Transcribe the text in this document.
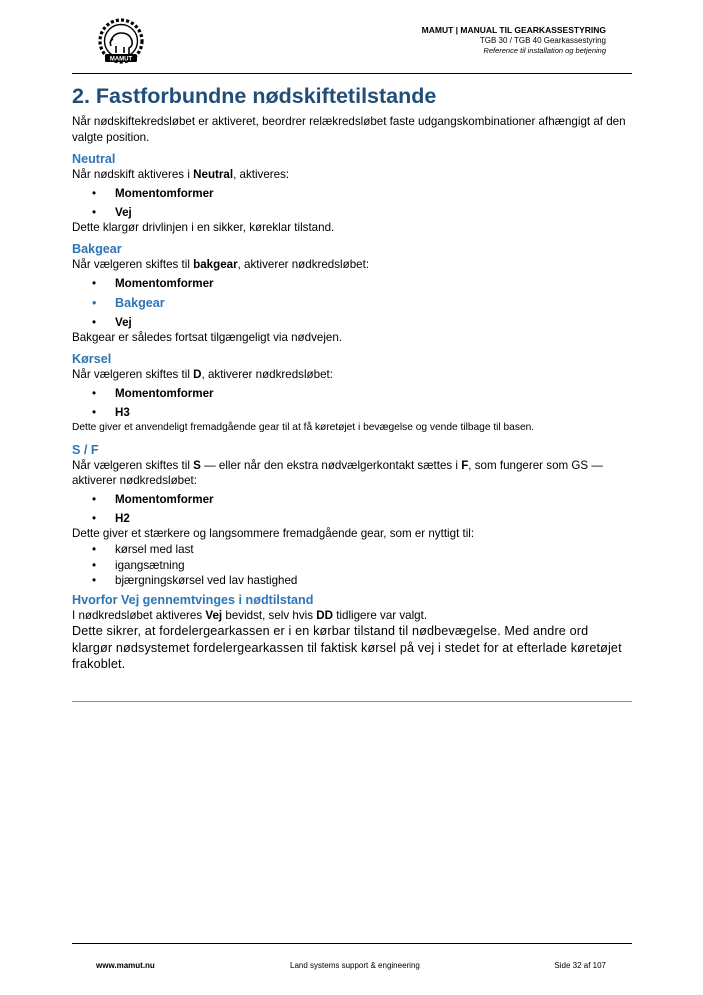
MAMUT
MAMUT | MANUAL TIL GEARKASSESTYRING
TGB 30 / TGB 40 Gearkassestyring
Reference til installation og betjening
2. Fastforbundne nødskiftetilstande
Når nødskiftekredsløbet er aktiveret, beordrer relækredsløbet faste udgangskombinationer afhængigt af den valgte position.
Neutral
Når nødskift aktiveres i Neutral, aktiveres:
• Momentomformer
• Vej
Dette klargør drivlinjen i en sikker, køreklar tilstand.
Bakgear
Når vælgeren skiftes til bakgear, aktiverer nødkredsløbet:
• Momentomformer
• Bakgear
• Vej
Bakgear er således fortsat tilgængeligt via nødvejen.
Kørsel
Når vælgeren skiftes til D, aktiverer nødkredsløbet:
• Momentomformer
• H3
Dette giver et anvendeligt fremadgående gear til at få køretøjet i bevægelse og vende tilbage til basen.
S / F
Når vælgeren skiftes til S — eller når den ekstra nødvælgerkontakt sættes i F, som fungerer som GS — aktiverer nødkredsløbet:
• Momentomformer
• H2
Dette giver et stærkere og langsommere fremadgående gear, som er nyttigt til:
• kørsel med last
• igangsætning
• bjærgningskørsel ved lav hastighed
Hvorfor Vej gennemtvinges i nødtilstand
I nødkredsløbet aktiveres Vej bevidst, selv hvis DD tidligere var valgt.
Dette sikrer, at fordelergearkassen er i en kørbar tilstand til nødbevægelse. Med andre ord klargør nødsystemet fordelergearkassen til faktisk kørsel på vej i stedet for at efterlade køretøjet frakoblet.
www.mamut.nu	Land systems support & engineering	Side 32 af 107
